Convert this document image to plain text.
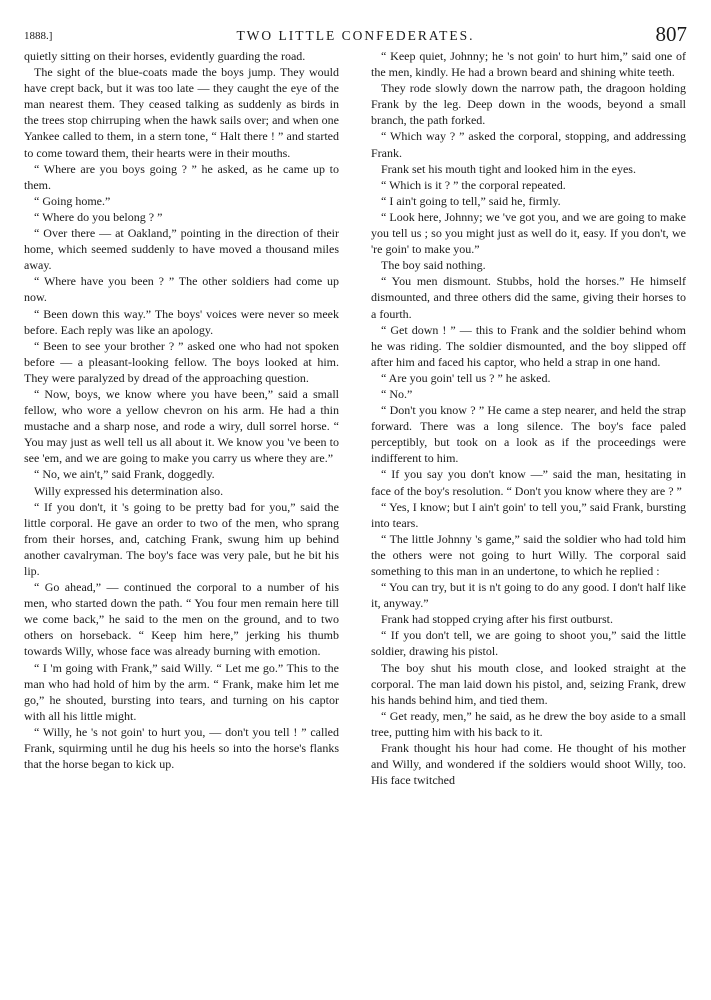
1888.]	TWO LITTLE CONFEDERATES.	807

quietly sitting on their horses, evidently guarding the road.

The sight of the blue-coats made the boys jump. They would have crept back, but it was too late — they caught the eye of the man nearest them. They ceased talking as suddenly as birds in the trees stop chirruping when the hawk sails over; and when one Yankee called to them, in a stern tone, “ Halt there ! ” and started to come toward them, their hearts were in their mouths.

“ Where are you boys going ? ” he asked, as he came up to them.

“ Going home.”

“ Where do you belong ? ”

“ Over there — at Oakland,” pointing in the direction of their home, which seemed suddenly to have moved a thousand miles away.

“ Where have you been ? ” The other soldiers had come up now.

“ Been down this way.” The boys' voices were never so meek before. Each reply was like an apology.

“ Been to see your brother ? ” asked one who had not spoken before — a pleasant-looking fellow. The boys looked at him. They were paralyzed by dread of the approaching question.

“ Now, boys, we know where you have been,” said a small fellow, who wore a yellow chevron on his arm. He had a thin mustache and a sharp nose, and rode a wiry, dull sorrel horse. “ You may just as well tell us all about it. We know you 've been to see 'em, and we are going to make you carry us where they are.”

“ No, we ain't,” said Frank, doggedly.

Willy expressed his determination also.

“ If you don't, it 's going to be pretty bad for you,” said the little corporal. He gave an order to two of the men, who sprang from their horses, and, catching Frank, swung him up behind another cavalryman. The boy's face was very pale, but he bit his lip.

“ Go ahead,” — continued the corporal to a number of his men, who started down the path. “ You four men remain here till we come back,” he said to the men on the ground, and to two others on horseback. “ Keep him here,” jerking his thumb towards Willy, whose face was already burning with emotion.

“ I 'm going with Frank,” said Willy. “ Let me go.” This to the man who had hold of him by the arm. “ Frank, make him let me go,” he shouted, bursting into tears, and turning on his captor with all his little might.

“ Willy, he 's not goin' to hurt you, — don't you tell ! ” called Frank, squirming until he dug his heels so into the horse's flanks that the horse began to kick up.

“ Keep quiet, Johnny; he 's not goin' to hurt him,” said one of the men, kindly. He had a brown beard and shining white teeth.

They rode slowly down the narrow path, the dragoon holding Frank by the leg. Deep down in the woods, beyond a small branch, the path forked.

“ Which way ? ” asked the corporal, stopping, and addressing Frank.

Frank set his mouth tight and looked him in the eyes.

“ Which is it ? ” the corporal repeated.

“ I ain't going to tell,” said he, firmly.

“ Look here, Johnny; we 've got you, and we are going to make you tell us ; so you might just as well do it, easy. If you don't, we 're goin' to make you.”

The boy said nothing.

“ You men dismount. Stubbs, hold the horses.” He himself dismounted, and three others did the same, giving their horses to a fourth.

“ Get down ! ” — this to Frank and the soldier behind whom he was riding. The soldier dismounted, and the boy slipped off after him and faced his captor, who held a strap in one hand.

“ Are you goin' tell us ? ” he asked.

“ No.”

“ Don't you know ? ” He came a step nearer, and held the strap forward. There was a long silence. The boy's face paled perceptibly, but took on a look as if the proceedings were indifferent to him.

“ If you say you don't know —” said the man, hesitating in face of the boy's resolution. “ Don't you know where they are ? ”

“ Yes, I know; but I ain't goin' to tell you,” said Frank, bursting into tears.

“ The little Johnny 's game,” said the soldier who had told him the others were not going to hurt Willy. The corporal said something to this man in an undertone, to which he replied :

“ You can try, but it is n't going to do any good. I don't half like it, anyway.”

Frank had stopped crying after his first outburst.

“ If you don't tell, we are going to shoot you,” said the little soldier, drawing his pistol.

The boy shut his mouth close, and looked straight at the corporal. The man laid down his pistol, and, seizing Frank, drew his hands behind him, and tied them.

“ Get ready, men,” he said, as he drew the boy aside to a small tree, putting him with his back to it.

Frank thought his hour had come. He thought of his mother and Willy, and wondered if the soldiers would shoot Willy, too. His face twitched
